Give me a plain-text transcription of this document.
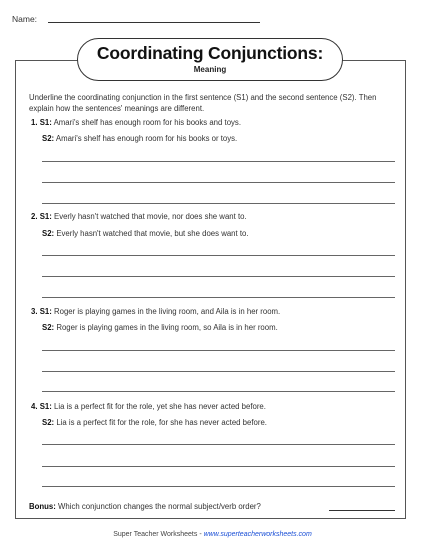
Name:
Coordinating Conjunctions:
Meaning
Underline the coordinating conjunction in the first sentence (S1) and the second sentence (S2). Then explain how the sentences' meanings are different.
1. S1: Amari's shelf has enough room for his books and toys.
S2: Amari's shelf has enough room for his books or toys.
2. S1: Everly hasn't watched that movie, nor does she want to.
S2: Everly hasn't watched that movie, but she does want to.
3. S1: Roger is playing games in the living room, and Aila is in her room.
S2: Roger is playing games in the living room, so Aila is in her room.
4. S1: Lia is a perfect fit for the role, yet she has never acted before.
S2: Lia is a perfect fit for the role, for she has never acted before.
Bonus: Which conjunction changes the normal subject/verb order?
Super Teacher Worksheets - www.superteacherworksheets.com
